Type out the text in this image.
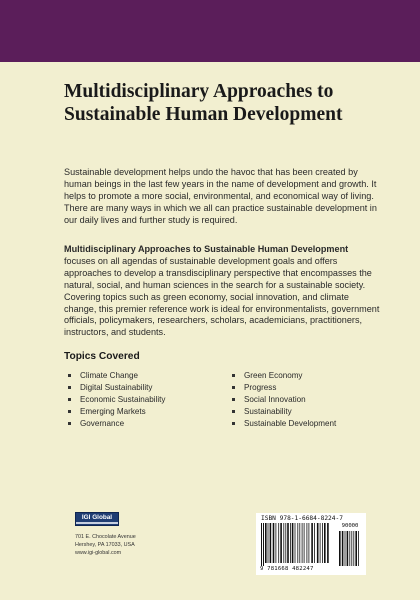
Multidisciplinary Approaches to Sustainable Human Development

Sustainable development helps undo the havoc that has been created by human beings in the last few years in the name of development and growth. It helps to promote a more social, environmental, and economical way of living. There are many ways in which we all can practice sustainable development in our daily lives and further study is required.

Multidisciplinary Approaches to Sustainable Human Development focuses on all agendas of sustainable development goals and offers approaches to develop a transdisciplinary perspective that encompasses the natural, social, and human sciences in the search for a sustainable society. Covering topics such as green economy, social innovation, and climate change, this premier reference work is ideal for environmentalists, government officials, policymakers, researchers, scholars, academicians, practitioners, instructors, and students.

Topics Covered
Climate Change
Digital Sustainability
Economic Sustainability
Emerging Markets
Governance
Green Economy
Progress
Social Innovation
Sustainability
Sustainable Development
IGI Global

701 E. Chocolate Avenue
Hershey, PA 17033, USA
www.igi-global.com

ISBN 978-1-6684-8224-7
90000
9 781668 482247
